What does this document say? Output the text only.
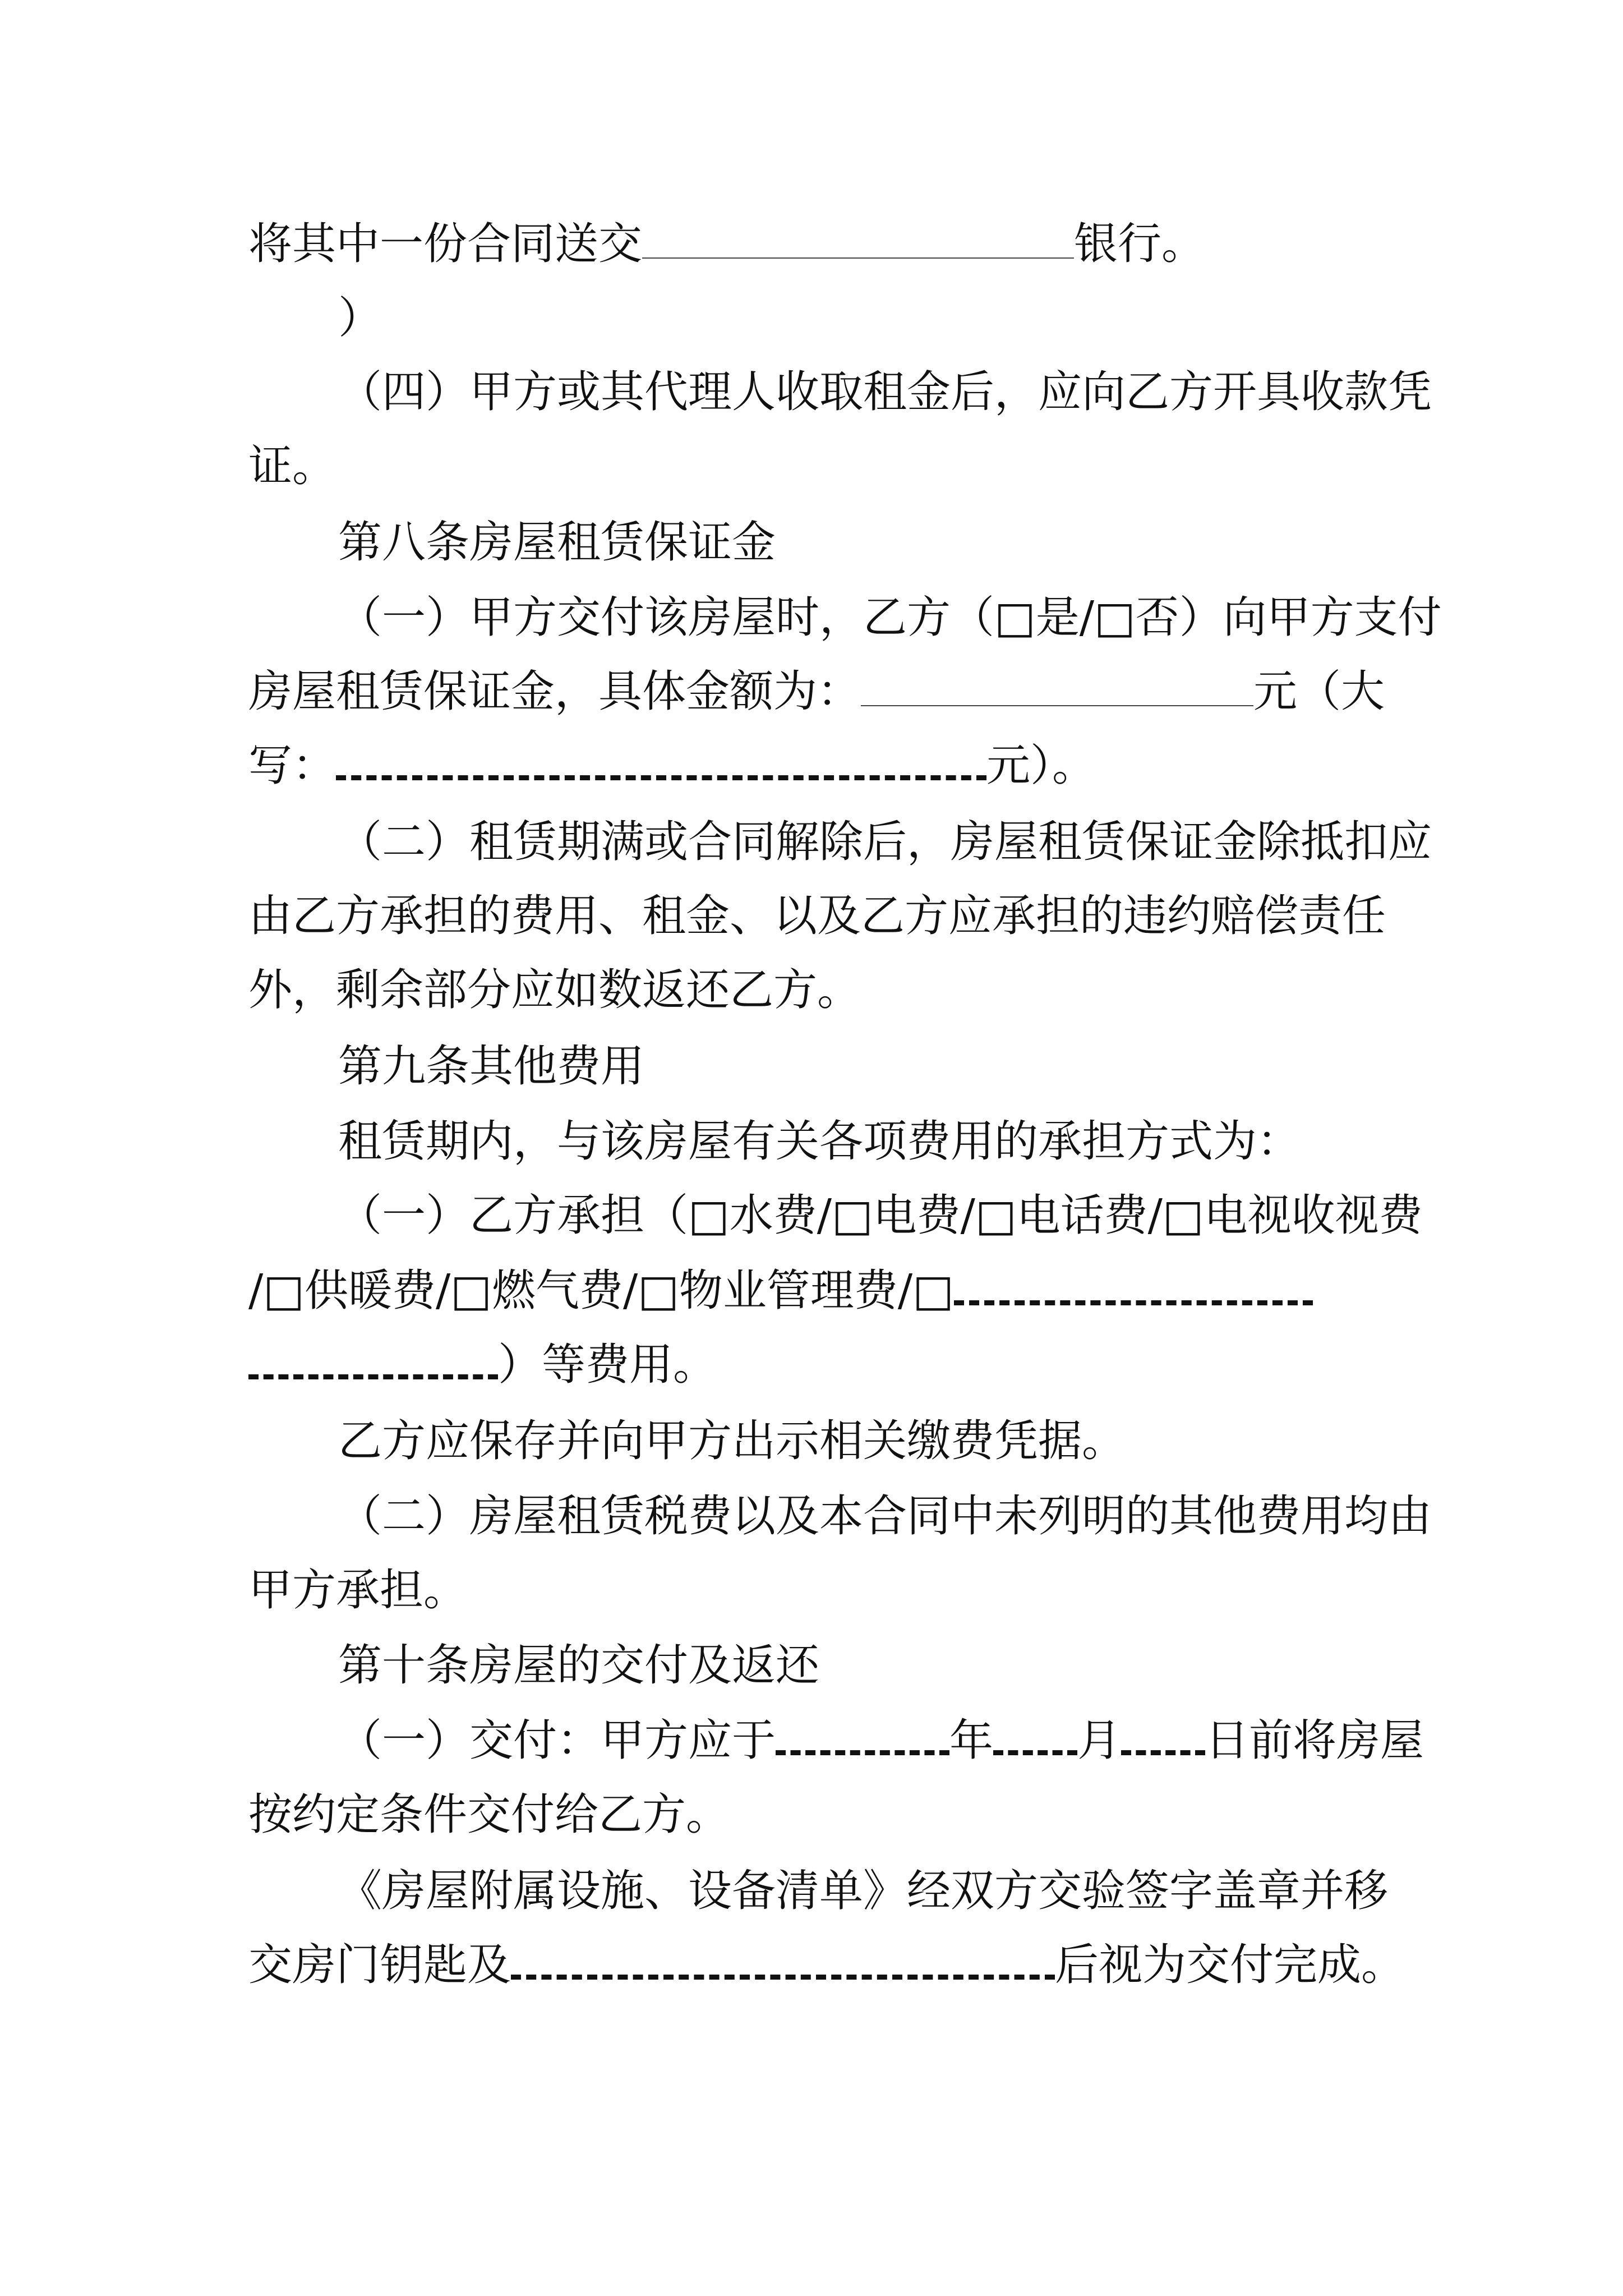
将其中一份合同送交	银行。
）
（四）甲方或其代理人收取租金后，应向乙方开具收款凭
证。
第八条房屋租赁保证金
（一）甲方交付该房屋时，乙方（□是/□否）向甲方支付
房屋租赁保证金，具体金额为：	元（大
写：	元）。
（二）租赁期满或合同解除后，房屋租赁保证金除抵扣应
由乙方承担的费用、租金、以及乙方应承担的违约赔偿责任
外，剩余部分应如数返还乙方。
第九条其他费用
租赁期内，与该房屋有关各项费用的承担方式为：
（一）乙方承担（□水费/□电费/□电话费/□电视收视费
/□供暖费/□燃气费/□物业管理费/□
）等费用。
乙方应保存并向甲方出示相关缴费凭据。
（二）房屋租赁税费以及本合同中未列明的其他费用均由
甲方承担。
第十条房屋的交付及返还
（一）交付：甲方应于	年 月 日前将房屋
按约定条件交付给乙方。
《房屋附属设施、设备清单》经双方交验签字盖章并移
交房门钥匙及	后视为交付完成。
